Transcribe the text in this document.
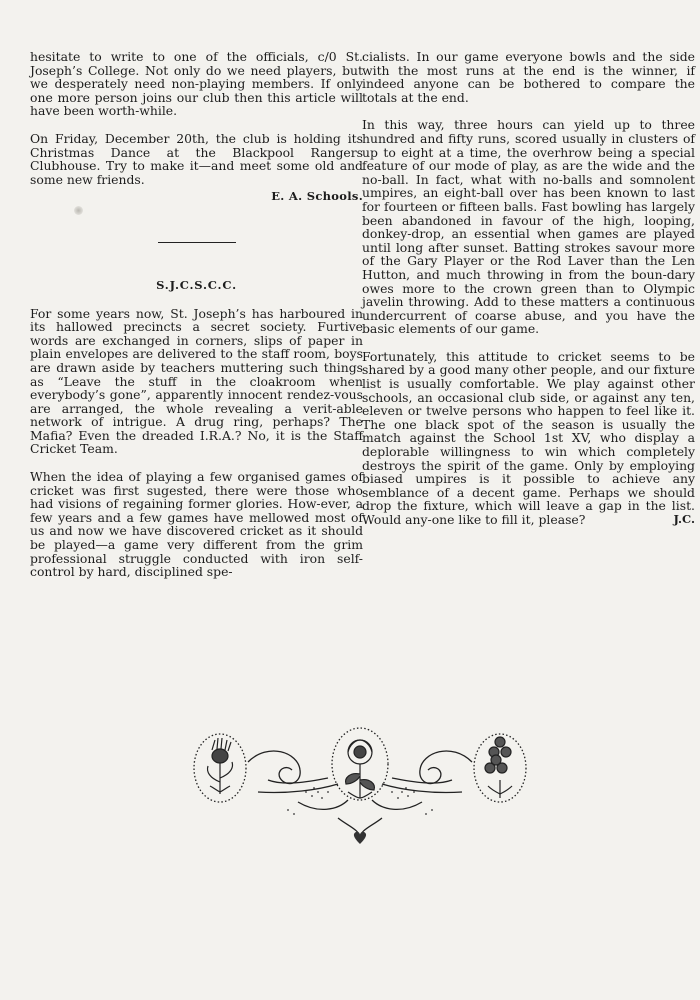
hesitate to write to one of the officials, c/0 St. Joseph’s College. Not only do we need players, but we desperately need non-playing members. If only one more person joins our club then this article will have been worth-while.

On Friday, December 20th, the club is holding its Christmas Dance at the Blackpool Rangers Clubhouse. Try to make it—and meet some old and some new friends.

E. A. Schools.

S.J.C.S.C.C.

For some years now, St. Joseph’s has harboured in its hallowed precincts a secret society. Furtive words are exchanged in corners, slips of paper in plain envelopes are delivered to the staff room, boys are drawn aside by teachers muttering such things as “Leave the stuff in the cloakroom when everybody’s gone”, apparently innocent rendez-vous are arranged, the whole revealing a verit-able network of intrigue. A drug ring, perhaps? The Mafia? Even the dreaded I.R.A.? No, it is the Staff Cricket Team.

When the idea of playing a few organised games of cricket was first sugested, there were those who had visions of regaining former glories. How-ever, a few years and a few games have mellowed most of us and now we have discovered cricket as it should be played—a game very different from the grim professional struggle conducted with iron self-control by hard, disciplined spe-

cialists. In our game everyone bowls and the side with the most runs at the end is the winner, if indeed anyone can be bothered to compare the totals at the end.

In this way, three hours can yield up to three hundred and fifty runs, scored usually in clusters of up to eight at a time, the overhrow being a special feature of our mode of play, as are the wide and the no-ball. In fact, what with no-balls and somnolent umpires, an eight-ball over has been known to last for fourteen or fifteen balls. Fast bowling has largely been abandoned in favour of the high, looping, donkey-drop, an essential when games are played until long after sunset. Batting strokes savour more of the Gary Player or the Rod Laver than the Len Hutton, and much throwing in from the boun-dary owes more to the crown green than to Olympic javelin throwing. Add to these matters a continuous undercurrent of coarse abuse, and you have the basic elements of our game.

Fortunately, this attitude to cricket seems to be shared by a good many other people, and our fixture list is usually comfortable. We play against other schools, an occasional club side, or against any ten, eleven or twelve persons who happen to feel like it. The one black spot of the season is usually the match against the School 1st XV, who display a deplorable willingness to win which completely destroys the spirit of the game. Only by employing biased umpires is it possible to achieve any semblance of a decent game. Perhaps we should drop the fixture, which will leave a gap in the list. Would any-one like to fill it, please?	J.C.
